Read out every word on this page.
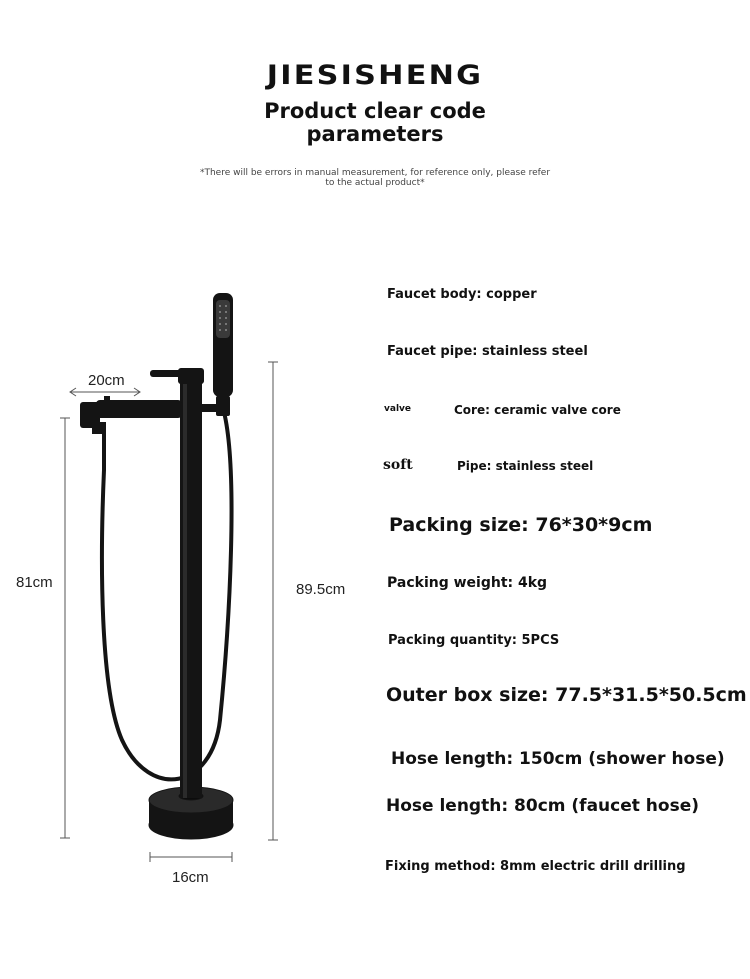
JIESISHENG
Product clear code
parameters
*There will be errors in manual measurement, for reference only, please refer
to the actual product*
20cm
81cm	89.5cm
16cm
Faucet body: copper
Faucet pipe: stainless steel
valve	Core: ceramic valve core
soft	Pipe: stainless steel
Packing size: 76*30*9cm
Packing weight: 4kg
Packing quantity: 5PCS
Outer box size: 77.5*31.5*50.5cm
Hose length: 150cm (shower hose)
Hose length: 80cm (faucet hose)
Fixing method: 8mm electric drill drilling
